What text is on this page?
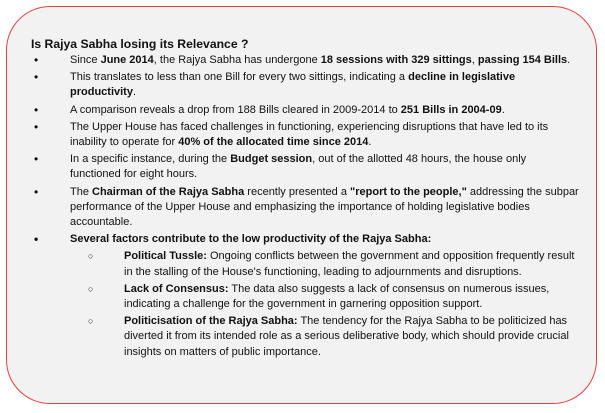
Is Rajya Sabha losing its Relevance ?
• Since June 2014, the Rajya Sabha has undergone 18 sessions with 329 sittings, passing 154 Bills.
• This translates to less than one Bill for every two sittings, indicating a decline in legislative productivity.
• A comparison reveals a drop from 188 Bills cleared in 2009-2014 to 251 Bills in 2004-09.
• The Upper House has faced challenges in functioning, experiencing disruptions that have led to its inability to operate for 40% of the allocated time since 2014.
• In a specific instance, during the Budget session, out of the allotted 48 hours, the house only functioned for eight hours.
• The Chairman of the Rajya Sabha recently presented a "report to the people," addressing the subpar performance of the Upper House and emphasizing the importance of holding legislative bodies accountable.
• Several factors contribute to the low productivity of the Rajya Sabha:
○ Political Tussle: Ongoing conflicts between the government and opposition frequently result in the stalling of the House's functioning, leading to adjournments and disruptions.
○ Lack of Consensus: The data also suggests a lack of consensus on numerous issues, indicating a challenge for the government in garnering opposition support.
○ Politicisation of the Rajya Sabha: The tendency for the Rajya Sabha to be politicized has diverted it from its intended role as a serious deliberative body, which should provide crucial insights on matters of public importance.
